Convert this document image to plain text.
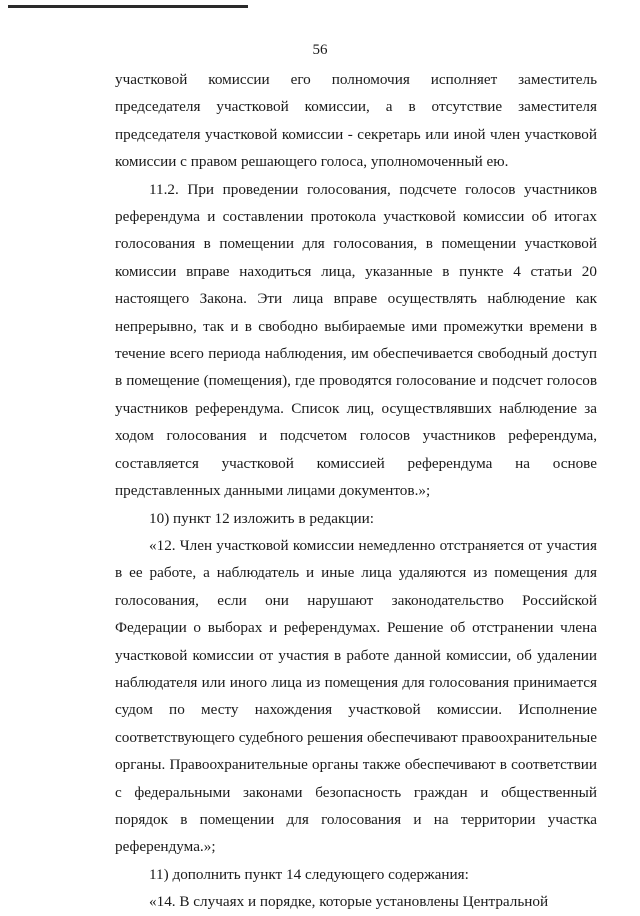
56

участковой комиссии его полномочия исполняет заместитель председателя участковой комиссии, а в отсутствие заместителя председателя участковой комиссии - секретарь или иной член участковой комиссии с правом решающего голоса, уполномоченный ею.

11.2. При проведении голосования, подсчете голосов участников референдума и составлении протокола участковой комиссии об итогах голосования в помещении для голосования, в помещении участковой комиссии вправе находиться лица, указанные в пункте 4 статьи 20 настоящего Закона. Эти лица вправе осуществлять наблюдение как непрерывно, так и в свободно выбираемые ими промежутки времени в течение всего периода наблюдения, им обеспечивается свободный доступ в помещение (помещения), где проводятся голосование и подсчет голосов участников референдума. Список лиц, осуществлявших наблюдение за ходом голосования и подсчетом голосов участников референдума, составляется участковой комиссией референдума на основе представленных данными лицами документов.»;

10) пункт 12 изложить в редакции:

«12. Член участковой комиссии немедленно отстраняется от участия в ее работе, а наблюдатель и иные лица удаляются из помещения для голосования, если они нарушают законодательство Российской Федерации о выборах и референдумах. Решение об отстранении члена участковой комиссии от участия в работе данной комиссии, об удалении наблюдателя или иного лица из помещения для голосования принимается судом по месту нахождения участковой комиссии. Исполнение соответствующего судебного решения обеспечивают правоохранительные органы. Правоохранительные органы также обеспечивают в соответствии с федеральными законами безопасность граждан и общественный порядок в помещении для голосования и на территории участка референдума.»;

11) дополнить пункт 14 следующего содержания:

«14. В случаях и порядке, которые установлены Центральной
